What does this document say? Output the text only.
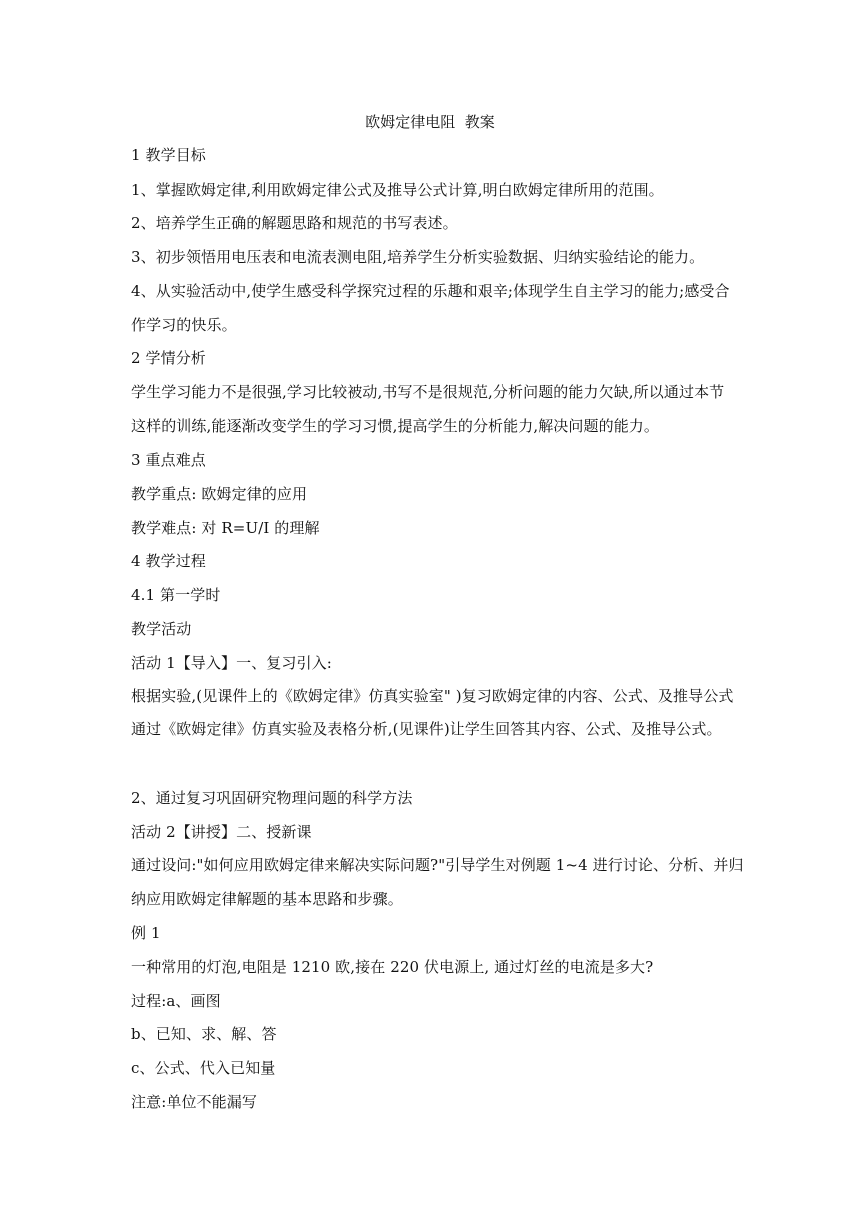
欧姆定律电阻  教案
1 教学目标
1、掌握欧姆定律,利用欧姆定律公式及推导公式计算,明白欧姆定律所用的范围。
2、培养学生正确的解题思路和规范的书写表述。
3、初步领悟用电压表和电流表测电阻,培养学生分析实验数据、归纳实验结论的能力。
4、从实验活动中,使学生感受科学探究过程的乐趣和艰辛;体现学生自主学习的能力;感受合
作学习的快乐。
2 学情分析
学生学习能力不是很强,学习比较被动,书写不是很规范,分析问题的能力欠缺,所以通过本节
这样的训练,能逐渐改变学生的学习习惯,提高学生的分析能力,解决问题的能力。
3 重点难点
教学重点: 欧姆定律的应用
教学难点: 对 R=U/I 的理解
4 教学过程
4.1 第一学时
教学活动
活动 1【导入】一、复习引入:
根据实验,(见课件上的《欧姆定律》仿真实验室" )复习欧姆定律的内容、公式、及推导公式
通过《欧姆定律》仿真实验及表格分析,(见课件)让学生回答其内容、公式、及推导公式。
2、通过复习巩固研究物理问题的科学方法
活动 2【讲授】二、授新课
通过设问:"如何应用欧姆定律来解决实际问题?"引导学生对例题 1~4 进行讨论、分析、并归
纳应用欧姆定律解题的基本思路和步骤。
例 1
一种常用的灯泡,电阻是 1210 欧,接在 220 伏电源上, 通过灯丝的电流是多大?
过程:a、画图
b、已知、求、解、答
c、公式、代入已知量
注意:单位不能漏写
